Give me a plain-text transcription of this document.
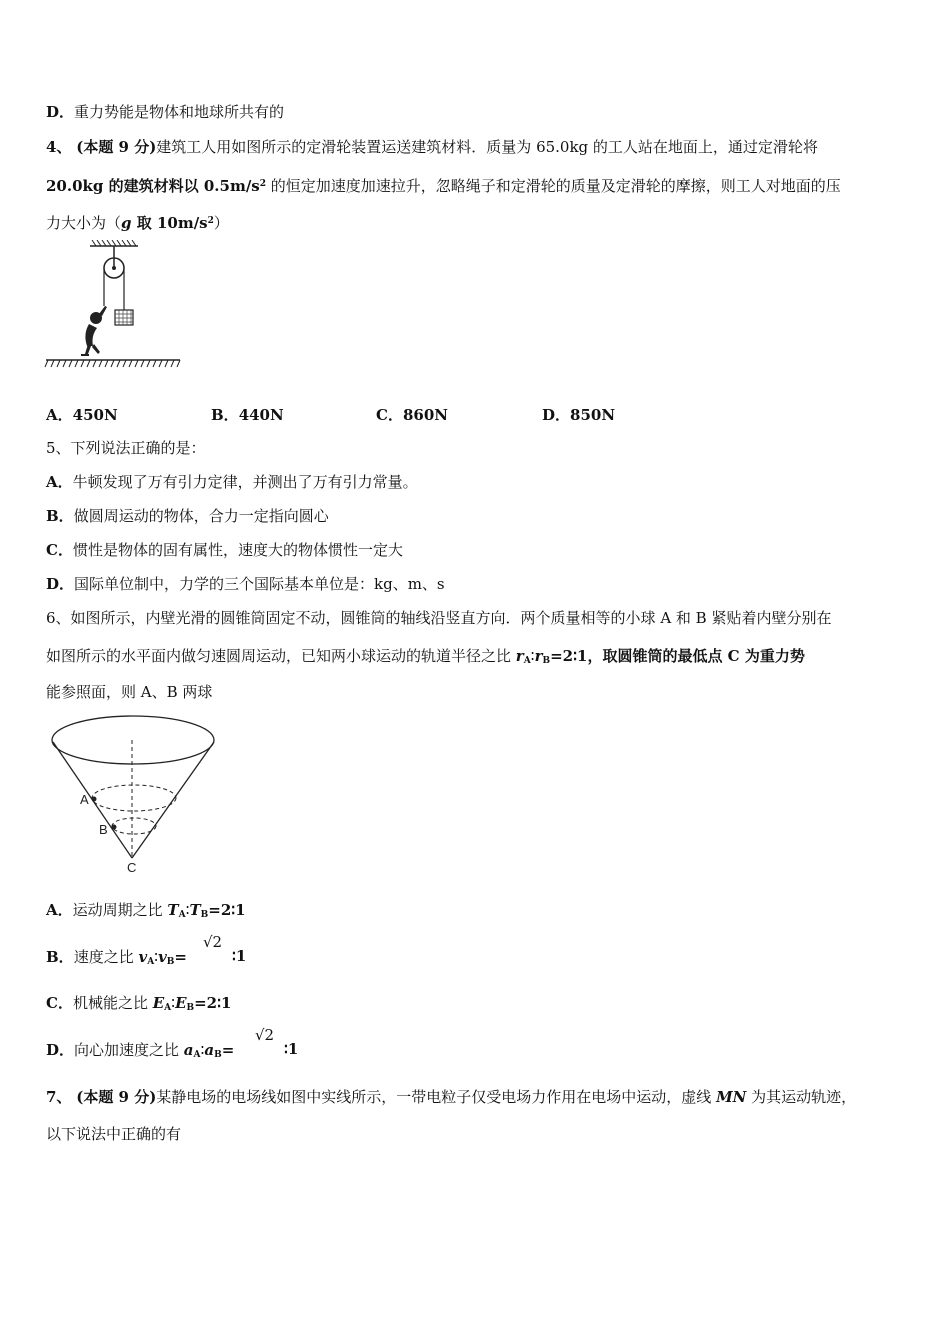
D．重力势能是物体和地球所共有的
4、 (本题 9 分)建筑工人用如图所示的定滑轮装置运送建筑材料．质量为 65.0kg 的工人站在地面上，通过定滑轮将
20.0kg 的建筑材料以 $0.5m/s^2$ 的恒定加速度加速拉升，忽略绳子和定滑轮的质量及定滑轮的摩擦，则工人对地面的压
力大小为（g 取 $10m/s^2$）
A．450N	B．440N	C．860N	D．850N
5、下列说法正确的是：
A．牛顿发现了万有引力定律，并测出了万有引力常量。
B．做圆周运动的物体，合力一定指向圆心
C．惯性是物体的固有属性，速度大的物体惯性一定大
D．国际单位制中，力学的三个国际基本单位是：kg、m、s
6、如图所示，内壁光滑的圆锥筒固定不动，圆锥筒的轴线沿竖直方向．两个质量相等的小球 A 和 B 紧贴着内壁分别在
如图所示的水平面内做匀速圆周运动，已知两小球运动的轨道半径之比 $r_A∶r_B=2∶1$，取圆锥筒的最低点 C 为重力势
能参照面，则 A、B 两球
A
B
C
A．运动周期之比 $T_A∶T_B=2∶1$
B．速度之比 $v_A∶v_B=$
√2
∶1
C．机械能之比 $E_A∶E_B=2∶1$
D．向心加速度之比 $a_A∶a_B=$
√2
∶1
7、 (本题 9 分)某静电场的电场线如图中实线所示，一带电粒子仅受电场力作用在电场中运动，虚线 MN 为其运动轨迹，
以下说法中正确的有
